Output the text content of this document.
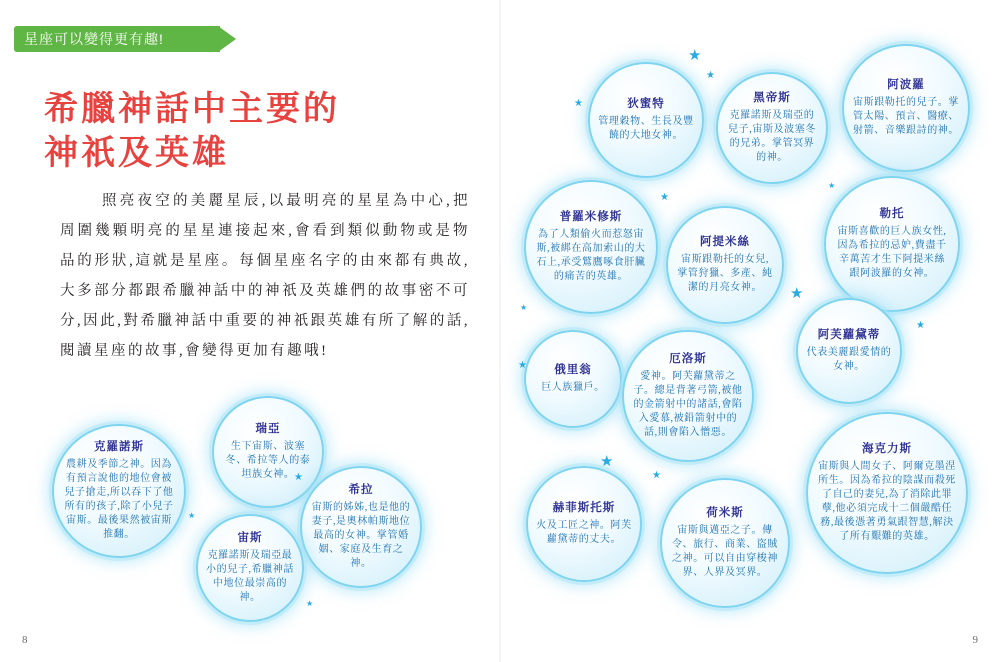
星座可以變得更有趣!
希臘神話中主要的
神祇及英雄
照亮夜空的美麗星辰,以最明亮的星星為中心,把周圍幾顆明亮的星星連接起來,會看到類似動物或是物品的形狀,這就是星座。每個星座名字的由來都有典故,大多部分都跟希臘神話中的神祇及英雄們的故事密不可分,因此,對希臘神話中重要的神祇跟英雄有所了解的話,閱讀星座的故事,會變得更加有趣哦!
克羅諾斯
農耕及季節之神。因為有預言說他的地位會被兒子搶走,所以吞下了他所有的孩子,除了小兒子宙斯。最後果然被宙斯推翻。
瑞亞
生下宙斯、波塞冬、希拉等人的泰坦族女神。
希拉
宙斯的姊姊,也是他的妻子,是奧林帕斯地位最高的女神。掌管婚姻、家庭及生育之神。
宙斯
克羅諾斯及瑞亞最小的兒子,希臘神話中地位最崇高的神。
狄蜜特
管理穀物、生長及豐饒的大地女神。
普羅米修斯
為了人類偷火而惹怒宙斯,被綁在高加索山的大石上,承受鷲鷹啄食肝臟的痛苦的英雄。
俄里翁
巨人族獵戶。
黑帝斯
克羅諾斯及瑞亞的兒子,宙斯及波塞冬的兄弟。掌管冥界的神。
阿提米絲
宙斯跟勒托的女兒,掌管狩獵、多產、純潔的月亮女神。
厄洛斯
愛神。阿芙蘿黛蒂之子。總是背著弓箭,被他的金箭射中的諸話,會陷入愛慕,被鉛箭射中的話,則會陷入憎惡。
赫菲斯托斯
火及工匠之神。阿芙蘿黛蒂的丈夫。
荷米斯
宙斯與邁亞之子。傳令、旅行、商業、盜賊之神。可以自由穿梭神界、人界及冥界。
阿波羅
宙斯跟勒托的兒子。掌管太陽、預言、醫療、射箭、音樂跟詩的神。
勒托
宙斯喜歡的巨人族女性,因為希拉的忌妒,費盡千辛萬苦才生下阿提米絲跟阿波羅的女神。
阿芙蘿黛蒂
代表美麗跟愛情的女神。
海克力斯
宙斯與人間女子、阿爾克墨涅所生。因為希拉的陰謀而殺死了自己的妻兒,為了消除此罪孽,他必須完成十二個嚴酷任務,最後憑著勇氣跟智慧,解決了所有艱難的英雄。
★
★
★
★
★
★
★
★
★
★
★
★
★
★
8	9
